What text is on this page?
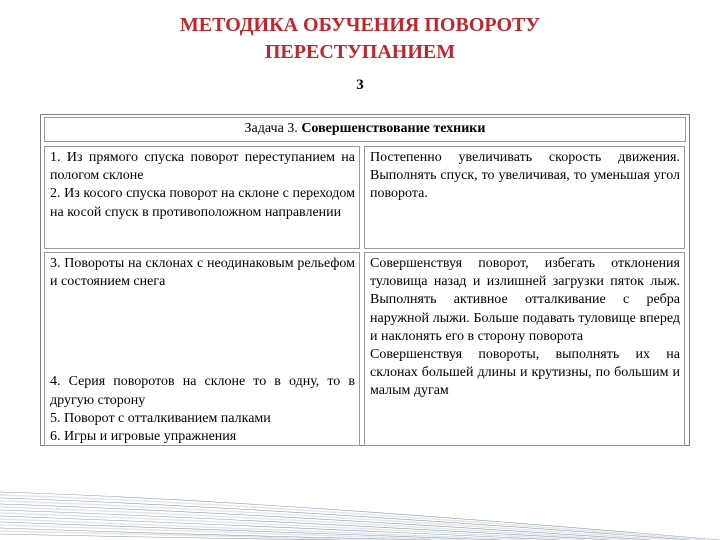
МЕТОДИКА ОБУЧЕНИЯ ПОВОРОТУ
ПЕРЕСТУПАНИЕМ
3
Задача 3. Совершенствование техники

1. Из прямого спуска поворот переступанием на пологом склоне

2. Из косого спуска поворот на склоне с переходом на косой спуск в противоположном направлении

Постепенно увеличивать скорость движения. Выполнять спуск, то увеличивая, то уменьшая угол поворота.

3. Повороты на склонах с неодинаковым рельефом и состоянием снега

4. Серия поворотов на склоне то в одну, то в другую сторону

5. Поворот с отталкиванием палками

6. Игры и игровые упражнения

Совершенствуя поворот, избегать отклонения туловища назад и излишней загрузки пяток лыж. Выполнять активное отталкивание с ребра наружной лыжи. Больше подавать туловище вперед и наклонять его в сторону поворота

Совершенствуя повороты, выполнять их на склонах большей длины и крутизны, по большим и малым дугам
